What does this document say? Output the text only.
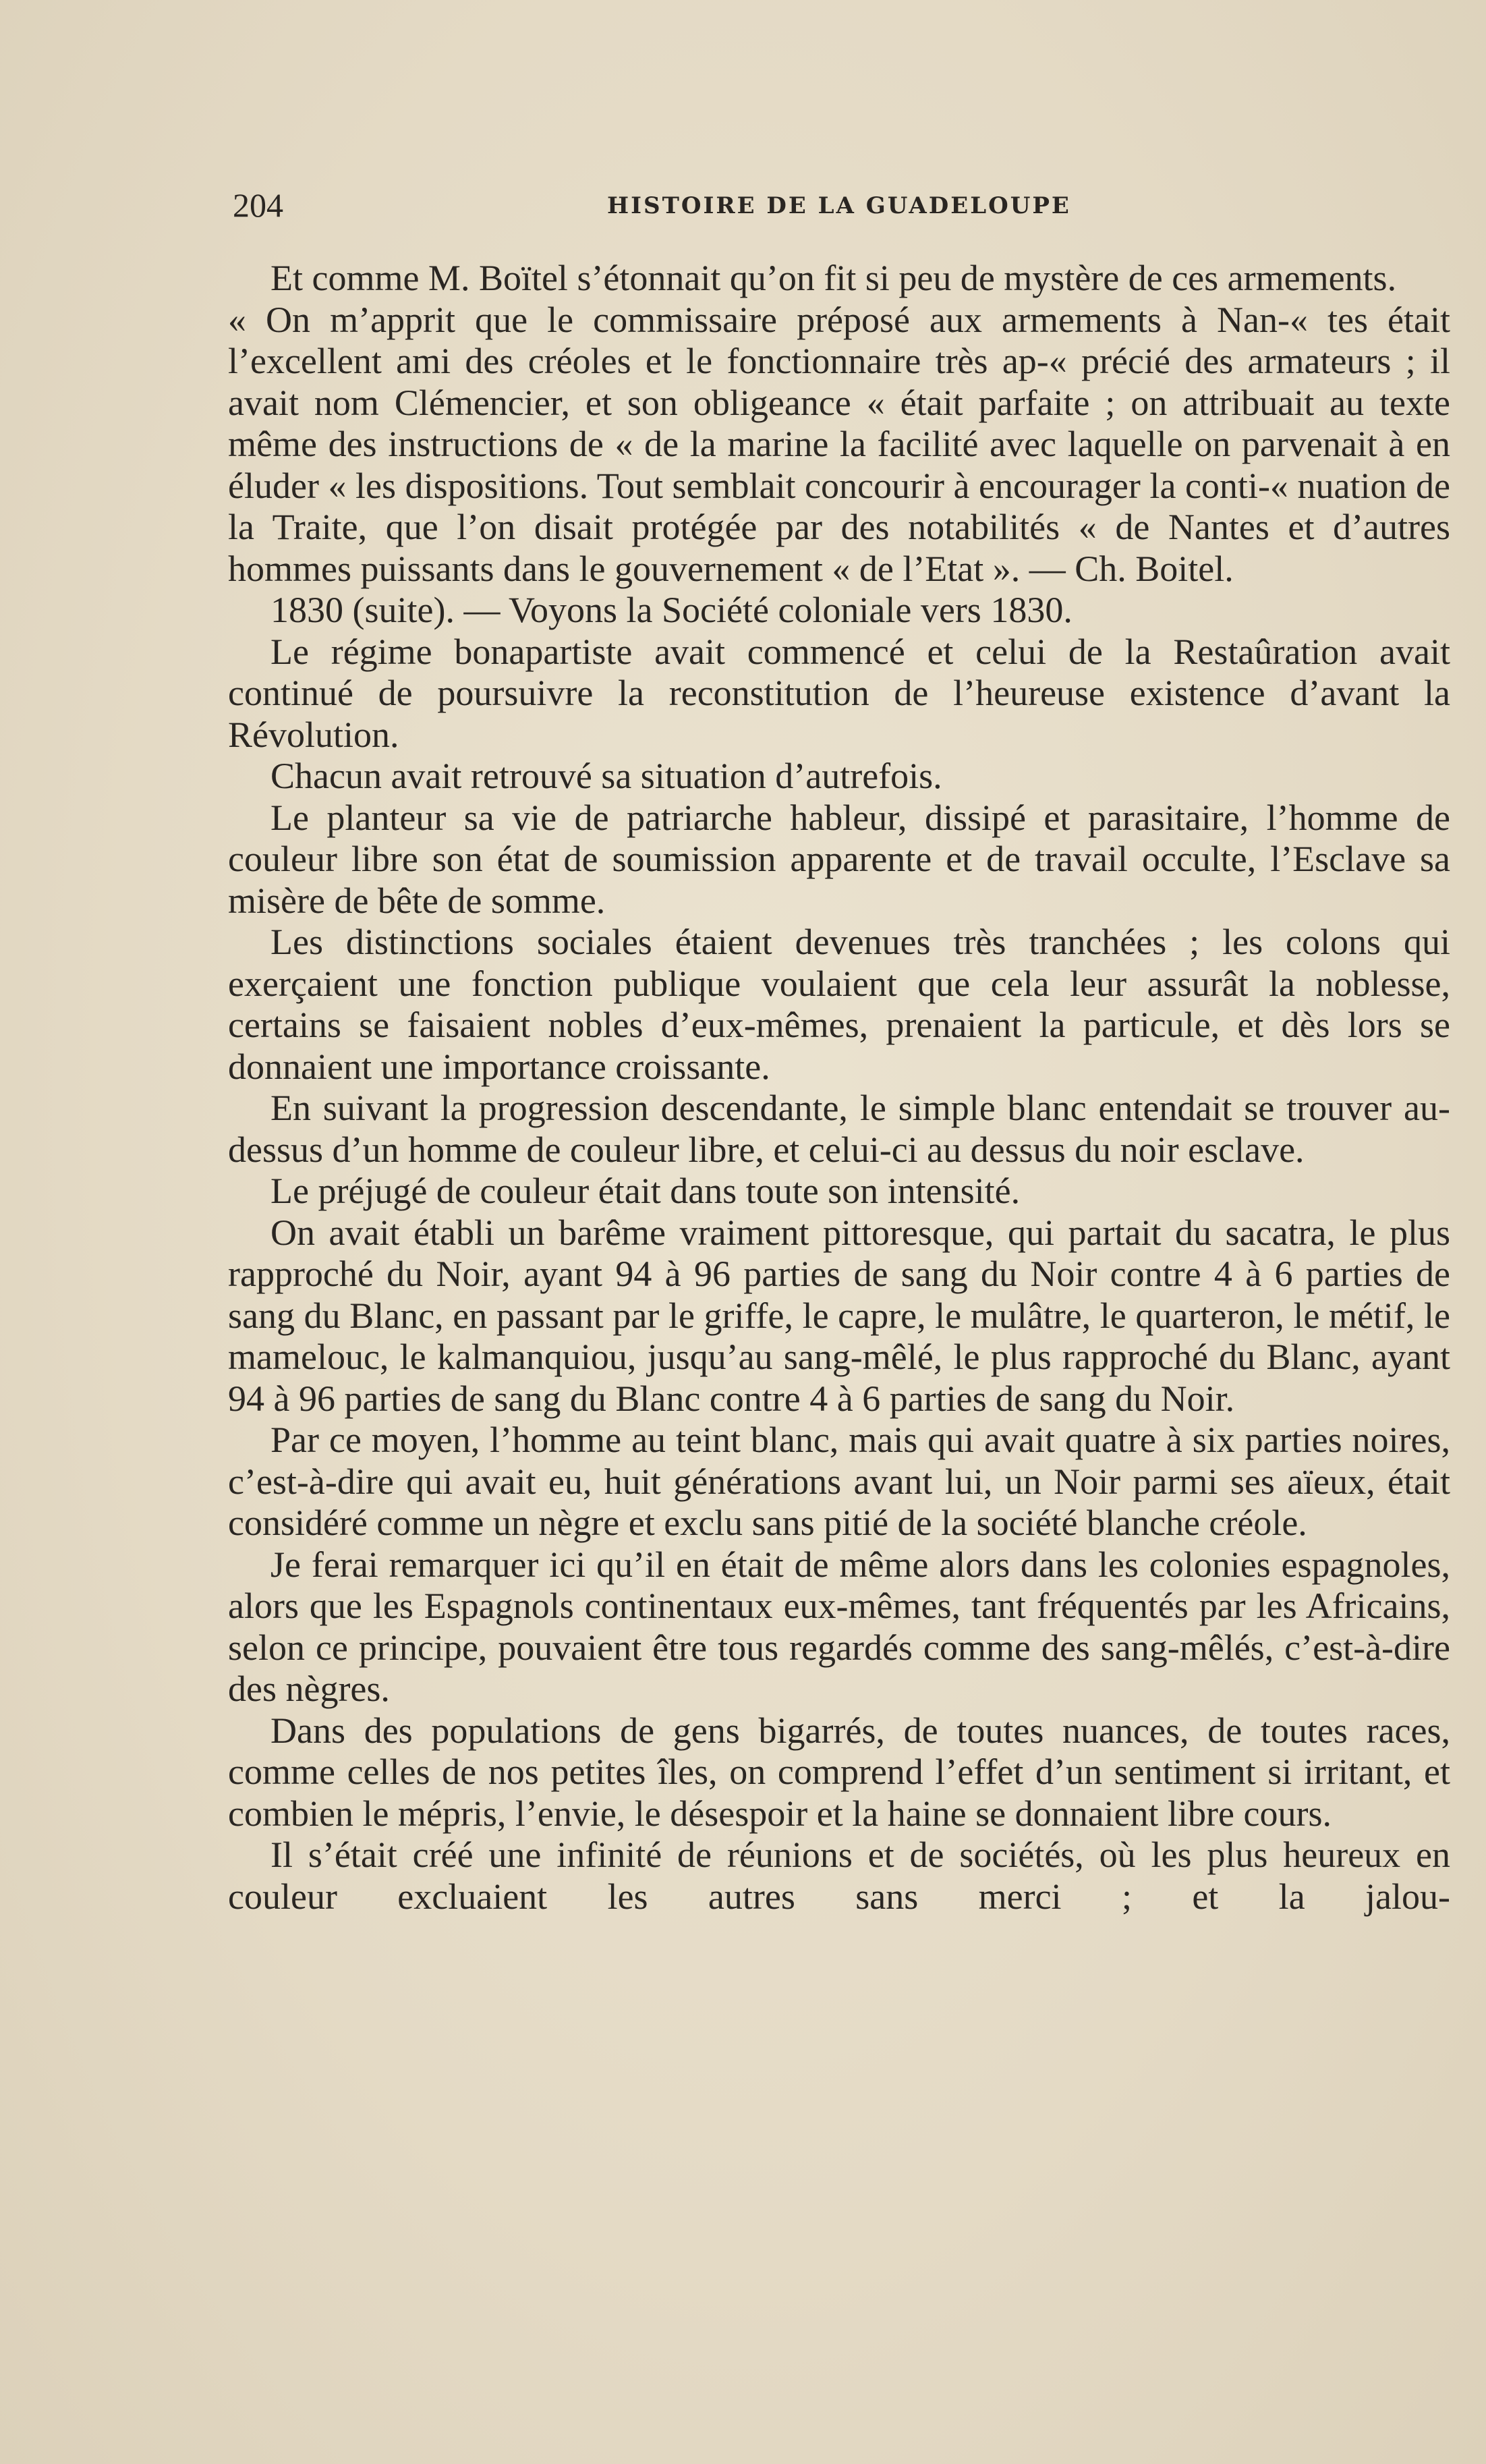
204	HISTOIRE DE LA GUADELOUPE

Et comme M. Boïtel s’étonnait qu’on fit si peu de mystère de ces armements.

« On m’apprit que le commissaire préposé aux armements à Nan-« tes était l’excellent ami des créoles et le fonctionnaire très ap-« précié des armateurs ; il avait nom Clémencier, et son obligeance « était parfaite ; on attribuait au texte même des instructions de « de la marine la facilité avec laquelle on parvenait à en éluder « les dispositions. Tout semblait concourir à encourager la conti-« nuation de la Traite, que l’on disait protégée par des notabilités « de Nantes et d’autres hommes puissants dans le gouvernement « de l’Etat ». — Ch. Boitel.

1830 (suite). — Voyons la Société coloniale vers 1830.

Le régime bonapartiste avait commencé et celui de la Restaûration avait continué de poursuivre la reconstitution de l’heureuse existence d’avant la Révolution.

Chacun avait retrouvé sa situation d’autrefois.

Le planteur sa vie de patriarche hableur, dissipé et parasitaire, l’homme de couleur libre son état de soumission apparente et de travail occulte, l’Esclave sa misère de bête de somme.

Les distinctions sociales étaient devenues très tranchées ; les colons qui exerçaient une fonction publique voulaient que cela leur assurât la noblesse, certains se faisaient nobles d’eux-mêmes, prenaient la particule, et dès lors se donnaient une importance croissante.

En suivant la progression descendante, le simple blanc entendait se trouver au-dessus d’un homme de couleur libre, et celui-ci au dessus du noir esclave.

Le préjugé de couleur était dans toute son intensité.

On avait établi un barême vraiment pittoresque, qui partait du sacatra, le plus rapproché du Noir, ayant 94 à 96 parties de sang du Noir contre 4 à 6 parties de sang du Blanc, en passant par le griffe, le capre, le mulâtre, le quarteron, le métif, le mamelouc, le kalmanquiou, jusqu’au sang-mêlé, le plus rapproché du Blanc, ayant 94 à 96 parties de sang du Blanc contre 4 à 6 parties de sang du Noir.

Par ce moyen, l’homme au teint blanc, mais qui avait quatre à six parties noires, c’est-à-dire qui avait eu, huit générations avant lui, un Noir parmi ses aïeux, était considéré comme un nègre et exclu sans pitié de la société blanche créole.

Je ferai remarquer ici qu’il en était de même alors dans les colonies espagnoles, alors que les Espagnols continentaux eux-mêmes, tant fréquentés par les Africains, selon ce principe, pouvaient être tous regardés comme des sang-mêlés, c’est-à-dire des nègres.

Dans des populations de gens bigarrés, de toutes nuances, de toutes races, comme celles de nos petites îles, on comprend l’effet d’un sentiment si irritant, et combien le mépris, l’envie, le désespoir et la haine se donnaient libre cours.

Il s’était créé une infinité de réunions et de sociétés, où les plus heureux en couleur excluaient les autres sans merci ; et la jalou-
